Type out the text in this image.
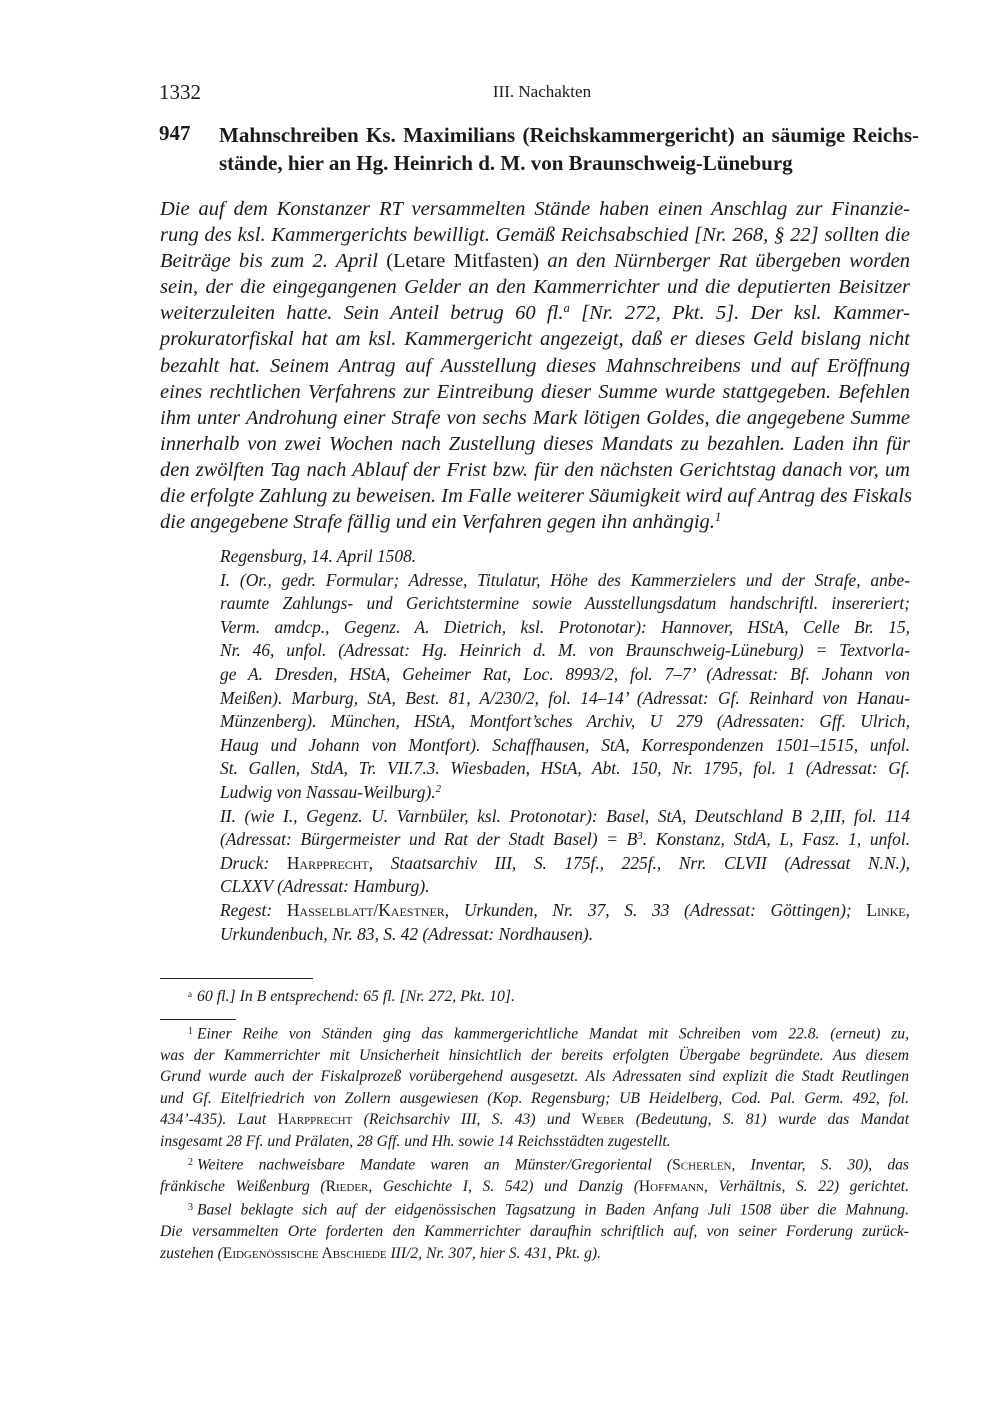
1332	III. Nachakten
947 Mahnschreiben Ks. Maximilians (Reichskammergericht) an säumige Reichs-
stände, hier an Hg. Heinrich d. M. von Braunschweig-Lüneburg
Die auf dem Konstanzer RT versammelten Stände haben einen Anschlag zur Finanzie-
rung des ksl. Kammergerichts bewilligt. Gemäß Reichsabschied [Nr. 268, § 22] sollten die
Beiträge bis zum 2. April (Letare Mitfasten) an den Nürnberger Rat übergeben worden
sein, der die eingegangenen Gelder an den Kammerrichter und die deputierten Beisitzer
weiterzuleiten hatte. Sein Anteil betrug 60 fl.$^a$ [Nr. 272, Pkt. 5]. Der ksl. Kammer-
prokuratorfiskal hat am ksl. Kammergericht angezeigt, daß er dieses Geld bislang nicht
bezahlt hat. Seinem Antrag auf Ausstellung dieses Mahnschreibens und auf Eröffnung
eines rechtlichen Verfahrens zur Eintreibung dieser Summe wurde stattgegeben. Befehlen
ihm unter Androhung einer Strafe von sechs Mark lötigen Goldes, die angegebene Summe
innerhalb von zwei Wochen nach Zustellung dieses Mandats zu bezahlen. Laden ihn für
den zwölften Tag nach Ablauf der Frist bzw. für den nächsten Gerichtstag danach vor, um
die erfolgte Zahlung zu beweisen. Im Falle weiterer Säumigkeit wird auf Antrag des Fiskals
die angegebene Strafe fällig und ein Verfahren gegen ihn anhängig.$^1$
Regensburg, 14. April 1508.
I. (Or., gedr. Formular; Adresse, Titulatur, Höhe des Kammerzielers und der Strafe, anbe-
raumte Zahlungs- und Gerichtstermine sowie Ausstellungsdatum handschriftl. insereriert;
Verm. amdcp., Gegenz. A. Dietrich, ksl. Protonotar): Hannover, HStA, Celle Br. 15,
Nr. 46, unfol. (Adressat: Hg. Heinrich d. M. von Braunschweig-Lüneburg) = Textvorla-
ge A. Dresden, HStA, Geheimer Rat, Loc. 8993/2, fol. 7–7’ (Adressat: Bf. Johann von
Meißen). Marburg, StA, Best. 81, A/230/2, fol. 14–14’ (Adressat: Gf. Reinhard von Hanau-
Münzenberg). München, HStA, Montfort’sches Archiv, U 279 (Adressaten: Gff. Ulrich,
Haug und Johann von Montfort). Schaffhausen, StA, Korrespondenzen 1501–1515, unfol.
St. Gallen, StdA, Tr. VII.7.3. Wiesbaden, HStA, Abt. 150, Nr. 1795, fol. 1 (Adressat: Gf.
Ludwig von Nassau-Weilburg).$^2$
II. (wie I., Gegenz. U. Varnbüler, ksl. Protonotar): Basel, StA, Deutschland B 2,III, fol. 114
(Adressat: Bürgermeister und Rat der Stadt Basel) = $B^3$. Konstanz, StdA, L, Fasz. 1, unfol.
Druck: Harpprecht, Staatsarchiv III, S. 175f., 225f., Nrr. CLVII (Adressat N.N.),
CLXXV (Adressat: Hamburg).
Regest: Hasselblatt/Kaestner, Urkunden, Nr. 37, S. 33 (Adressat: Göttingen); Linke,
Urkundenbuch, Nr. 83, S. 42 (Adressat: Nordhausen).
$^a$ 60 fl.] In B entsprechend: 65 fl. [Nr. 272, Pkt. 10].
$^1$ Einer Reihe von Ständen ging das kammergerichtliche Mandat mit Schreiben vom 22.8. (erneut) zu,
was der Kammerrichter mit Unsicherheit hinsichtlich der bereits erfolgten Übergabe begründete. Aus diesem
Grund wurde auch der Fiskalprozeß vorübergehend ausgesetzt. Als Adressaten sind explizit die Stadt Reutlingen
und Gf. Eitelfriedrich von Zollern ausgewiesen (Kop. Regensburg; UB Heidelberg, Cod. Pal. Germ. 492, fol.
434’-435). Laut Harpprecht (Reichsarchiv III, S. 43) und Weber (Bedeutung, S. 81) wurde das Mandat
insgesamt 28 Ff. und Prälaten, 28 Gff. und Hh. sowie 14 Reichsstädten zugestellt.
$^2$ Weitere nachweisbare Mandate waren an Münster/Gregoriental (Scherlen, Inventar, S. 30), das
fränkische Weißenburg (Rieder, Geschichte I, S. 542) und Danzig (Hoffmann, Verhältnis, S. 22) gerichtet.
$^3$ Basel beklagte sich auf der eidgenössischen Tagsatzung in Baden Anfang Juli 1508 über die Mahnung.
Die versammelten Orte forderten den Kammerrichter daraufhin schriftlich auf, von seiner Forderung zurück-
zustehen (Eidgenössische Abschiede III/2, Nr. 307, hier S. 431, Pkt. g).
